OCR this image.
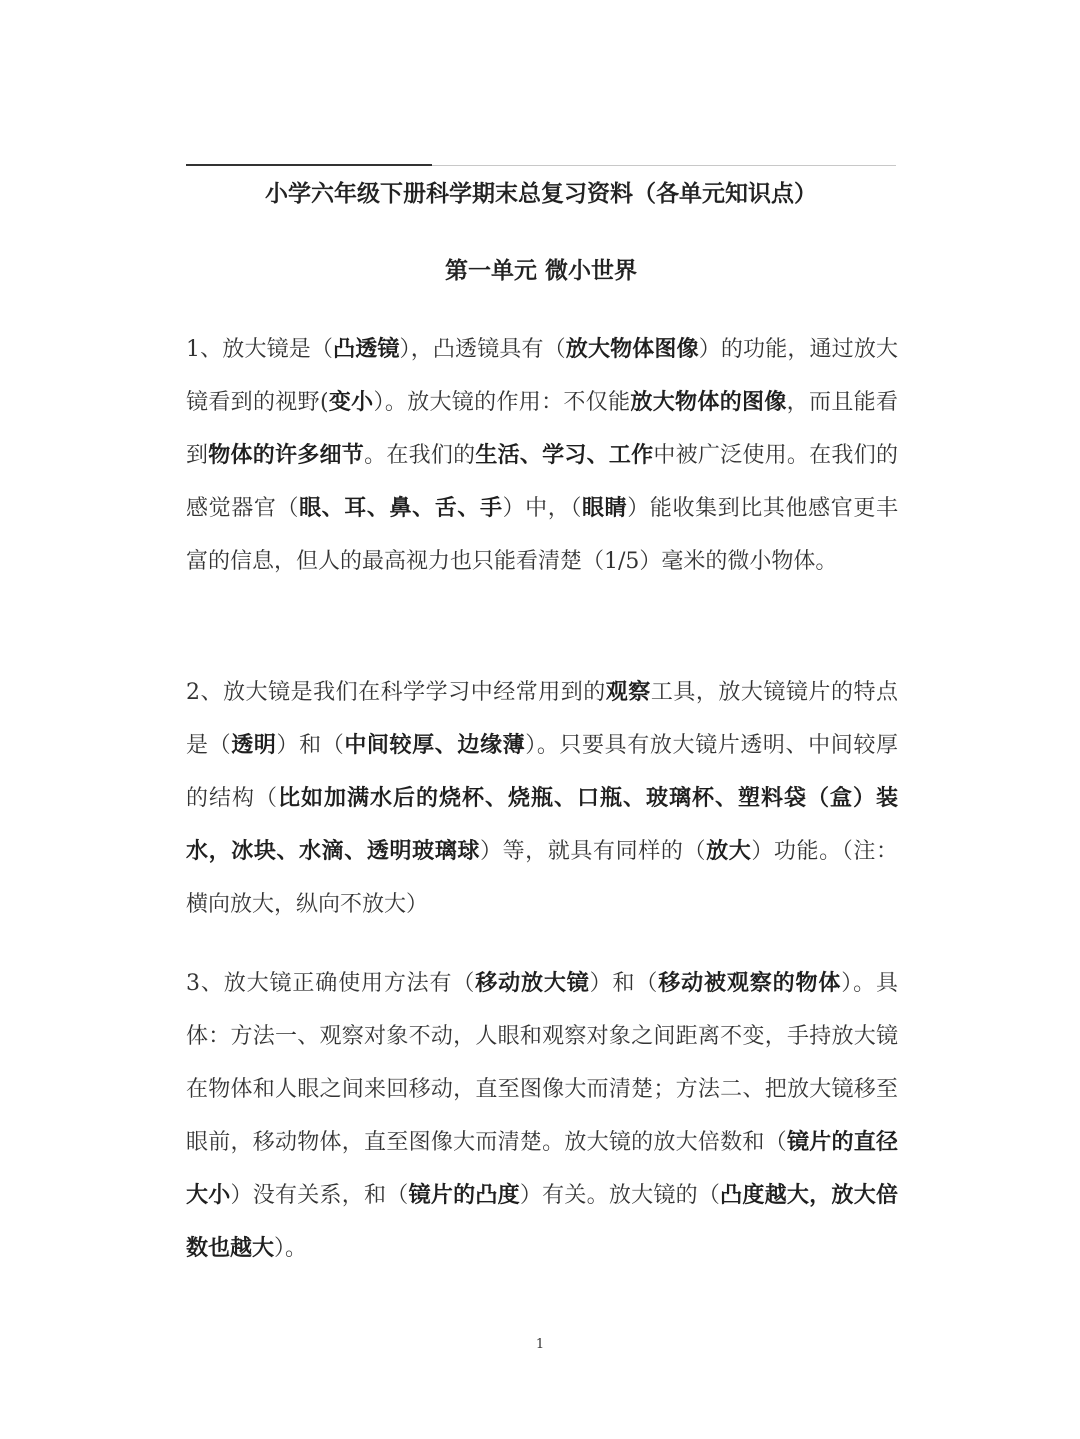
小学六年级下册科学期末总复习资料（各单元知识点）
第一单元 微小世界
1、放大镜是（凸透镜），凸透镜具有（放大物体图像）的功能，通过放大镜看到的视野(变小）。放大镜的作用：不仅能放大物体的图像，而且能看到物体的许多细节。在我们的生活、学习、工作中被广泛使用。在我们的感觉器官（眼、耳、鼻、舌、手）中，（眼睛）能收集到比其他感官更丰富的信息，但人的最高视力也只能看清楚（1/5）毫米的微小物体。
2、放大镜是我们在科学学习中经常用到的观察工具，放大镜镜片的特点是（透明）和（中间较厚、边缘薄）。只要具有放大镜片透明、中间较厚的结构（比如加满水后的烧杯、烧瓶、口瓶、玻璃杯、塑料袋（盒）装水，冰块、水滴、透明玻璃球）等，就具有同样的（放大）功能。（注：横向放大，纵向不放大）
3、放大镜正确使用方法有（移动放大镜）和（移动被观察的物体）。具体：方法一、观察对象不动，人眼和观察对象之间距离不变，手持放大镜在物体和人眼之间来回移动，直至图像大而清楚；方法二、把放大镜移至眼前，移动物体，直至图像大而清楚。放大镜的放大倍数和（镜片的直径大小）没有关系，和（镜片的凸度）有关。放大镜的（凸度越大，放大倍数也越大）。
1
